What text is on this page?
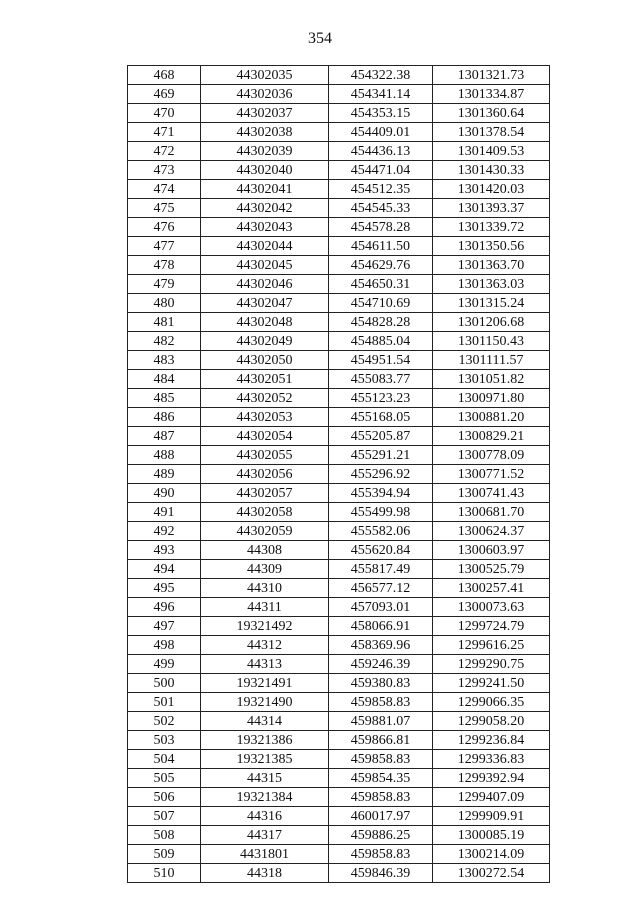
354
468	44302035	454322.38	1301321.73
469	44302036	454341.14	1301334.87
470	44302037	454353.15	1301360.64
471	44302038	454409.01	1301378.54
472	44302039	454436.13	1301409.53
473	44302040	454471.04	1301430.33
474	44302041	454512.35	1301420.03
475	44302042	454545.33	1301393.37
476	44302043	454578.28	1301339.72
477	44302044	454611.50	1301350.56
478	44302045	454629.76	1301363.70
479	44302046	454650.31	1301363.03
480	44302047	454710.69	1301315.24
481	44302048	454828.28	1301206.68
482	44302049	454885.04	1301150.43
483	44302050	454951.54	1301111.57
484	44302051	455083.77	1301051.82
485	44302052	455123.23	1300971.80
486	44302053	455168.05	1300881.20
487	44302054	455205.87	1300829.21
488	44302055	455291.21	1300778.09
489	44302056	455296.92	1300771.52
490	44302057	455394.94	1300741.43
491	44302058	455499.98	1300681.70
492	44302059	455582.06	1300624.37
493	44308	455620.84	1300603.97
494	44309	455817.49	1300525.79
495	44310	456577.12	1300257.41
496	44311	457093.01	1300073.63
497	19321492	458066.91	1299724.79
498	44312	458369.96	1299616.25
499	44313	459246.39	1299290.75
500	19321491	459380.83	1299241.50
501	19321490	459858.83	1299066.35
502	44314	459881.07	1299058.20
503	19321386	459866.81	1299236.84
504	19321385	459858.83	1299336.83
505	44315	459854.35	1299392.94
506	19321384	459858.83	1299407.09
507	44316	460017.97	1299909.91
508	44317	459886.25	1300085.19
509	4431801	459858.83	1300214.09
510	44318	459846.39	1300272.54
